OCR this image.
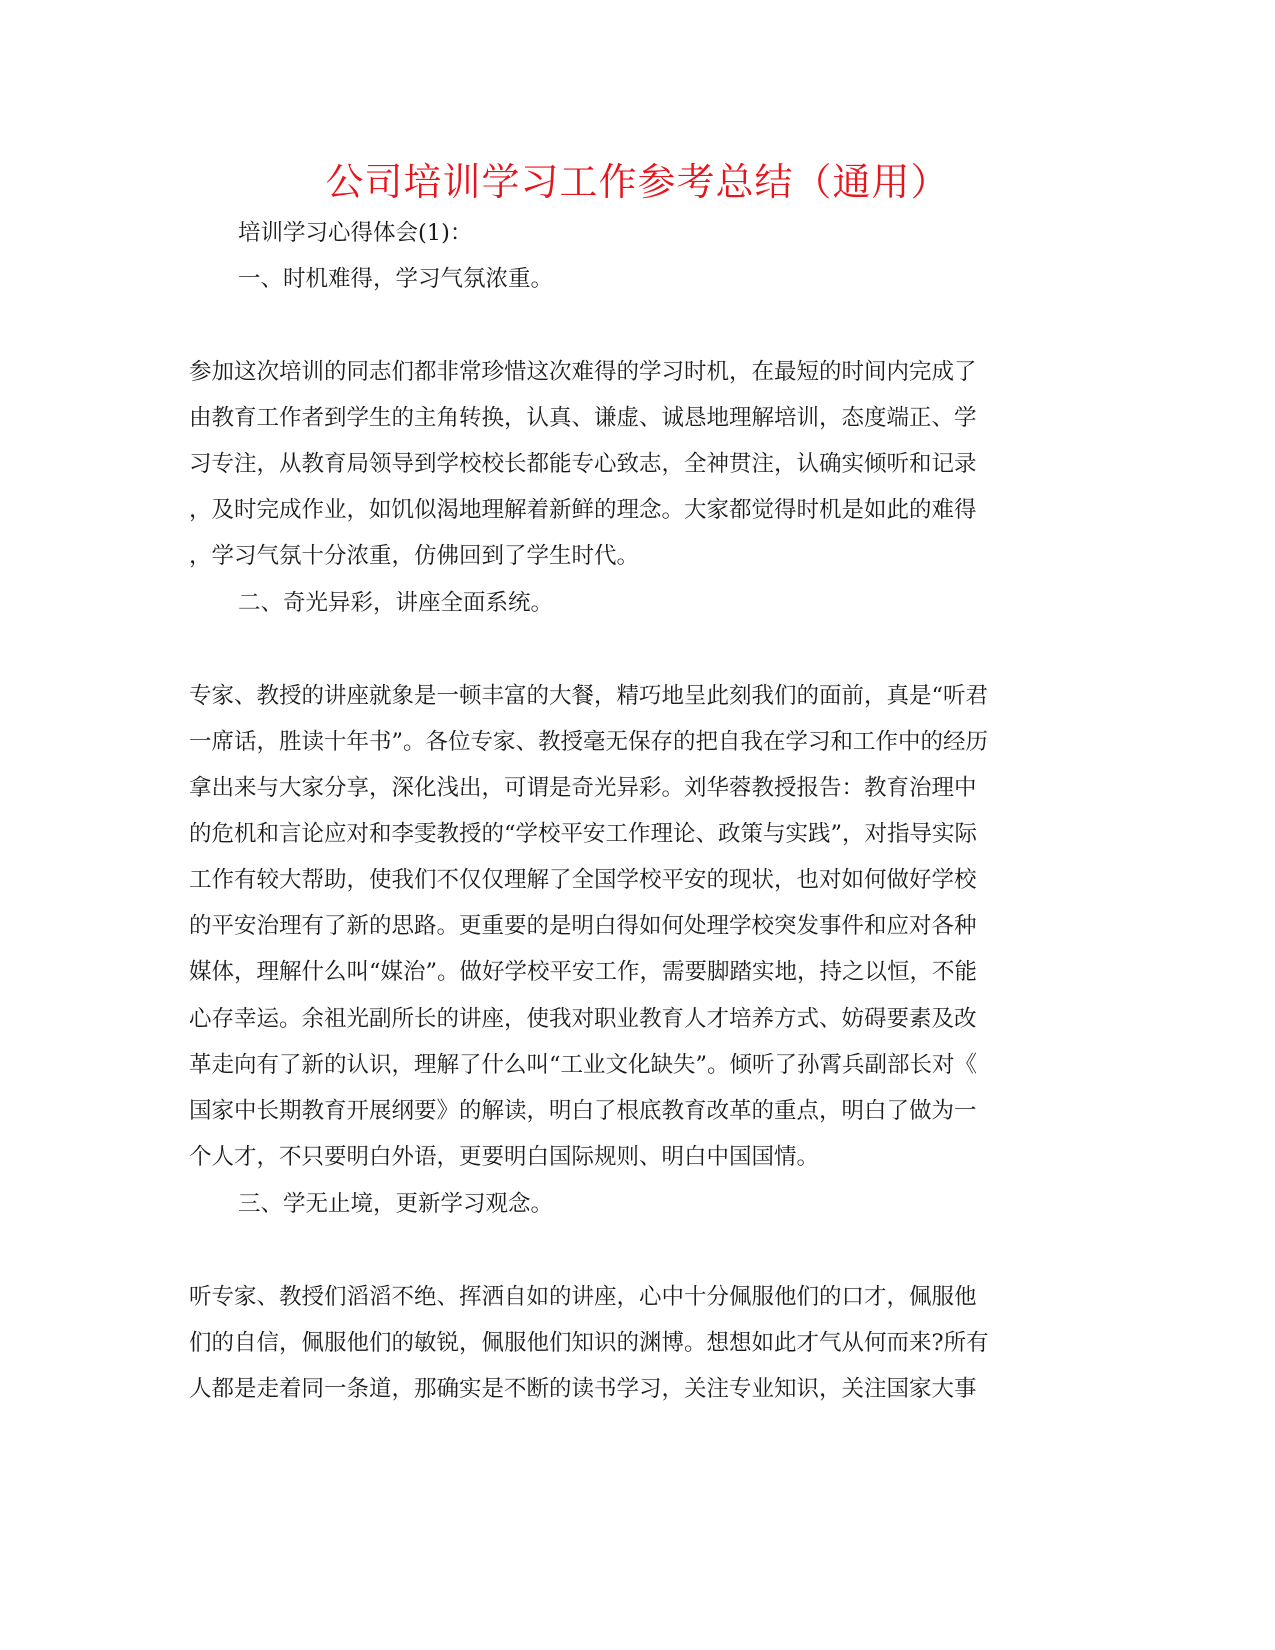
公司培训学习工作参考总结（通用）

培训学习心得体会(1)：

一、时机难得，学习气氛浓重。

参加这次培训的同志们都非常珍惜这次难得的学习时机，在最短的时间内完成了

由教育工作者到学生的主角转换，认真、谦虚、诚恳地理解培训，态度端正、学

习专注，从教育局领导到学校校长都能专心致志，全神贯注，认确实倾听和记录

，及时完成作业，如饥似渴地理解着新鲜的理念。大家都觉得时机是如此的难得

，学习气氛十分浓重，仿佛回到了学生时代。

二、奇光异彩，讲座全面系统。

专家、教授的讲座就象是一顿丰富的大餐，精巧地呈此刻我们的面前，真是“听君

一席话，胜读十年书”。各位专家、教授毫无保存的把自我在学习和工作中的经历

拿出来与大家分享，深化浅出，可谓是奇光异彩。刘华蓉教授报告：教育治理中

的危机和言论应对和李雯教授的“学校平安工作理论、政策与实践”，对指导实际

工作有较大帮助，使我们不仅仅理解了全国学校平安的现状，也对如何做好学校

的平安治理有了新的思路。更重要的是明白得如何处理学校突发事件和应对各种

媒体，理解什么叫“媒治”。做好学校平安工作，需要脚踏实地，持之以恒，不能

心存幸运。余祖光副所长的讲座，使我对职业教育人才培养方式、妨碍要素及改

革走向有了新的认识，理解了什么叫“工业文化缺失”。倾听了孙霄兵副部长对《

国家中长期教育开展纲要》的解读，明白了根底教育改革的重点，明白了做为一

个人才，不只要明白外语，更要明白国际规则、明白中国国情。

三、学无止境，更新学习观念。

听专家、教授们滔滔不绝、挥洒自如的讲座，心中十分佩服他们的口才，佩服他

们的自信，佩服他们的敏锐，佩服他们知识的渊博。想想如此才气从何而来?所有

人都是走着同一条道，那确实是不断的读书学习，关注专业知识，关注国家大事
